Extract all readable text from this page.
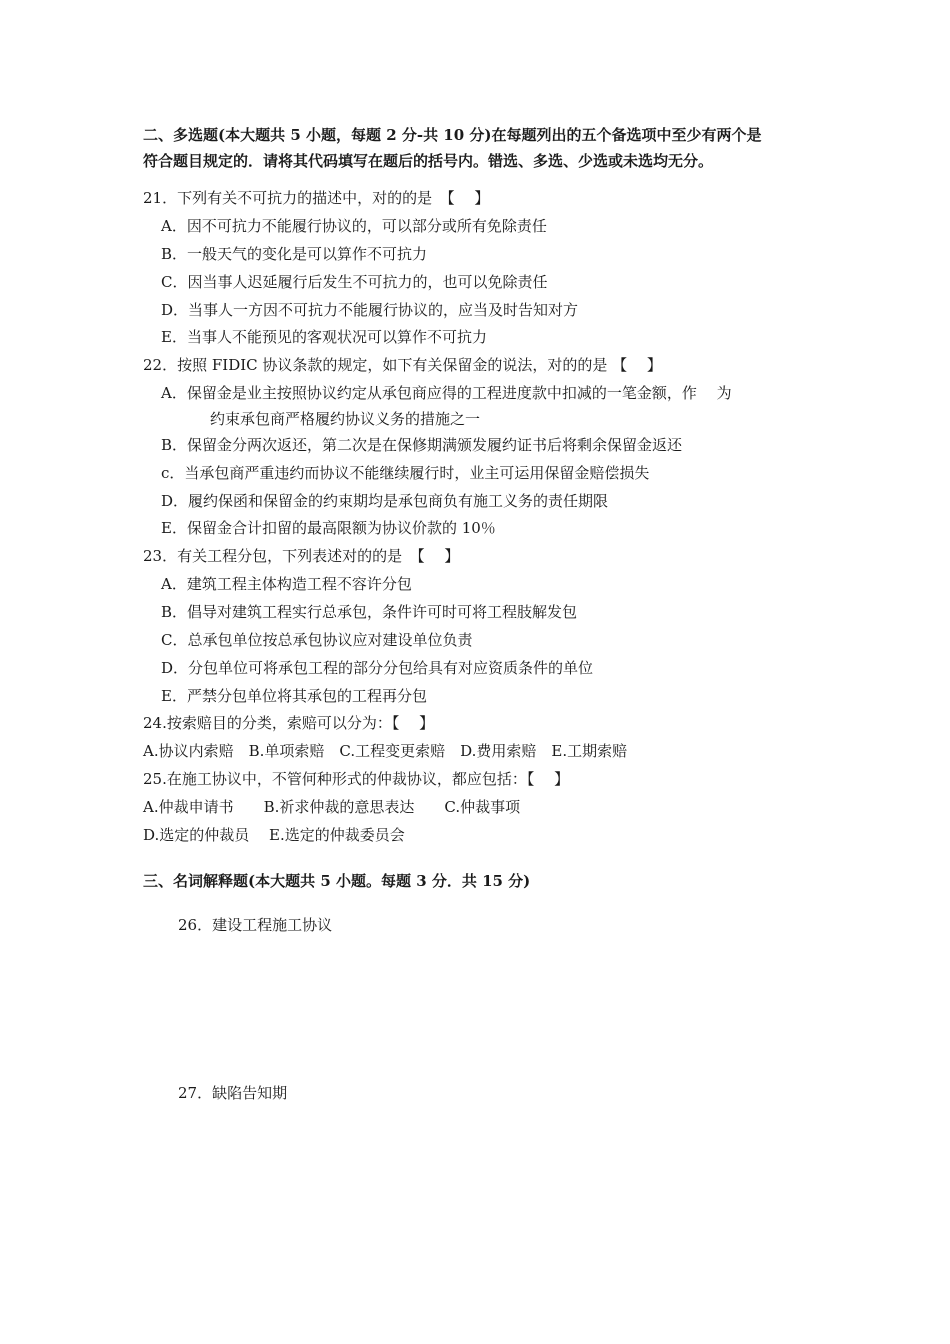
二、多选题(本大题共 5 小题，每题 2 分-共 10 分)在每题列出的五个备选项中至少有两个是
符合题目规定的．请将其代码填写在题后的括号内。错选、多选、少选或未选均无分。
21．下列有关不可抗力的描述中，对的的是　【　 】
A．因不可抗力不能履行协议的，可以部分或所有免除责任
B．一般天气的变化是可以算作不可抗力
C．因当事人迟延履行后发生不可抗力的，也可以免除责任
D．当事人一方因不可抗力不能履行协议的，应当及时告知对方
E．当事人不能预见的客观状况可以算作不可抗力
22．按照 FIDIC 协议条款的规定，如下有关保留金的说法，对的的是 【　 】
A．保留金是业主按照协议约定从承包商应得的工程进度款中扣减的一笔金额，作　 为
约束承包商严格履约协议义务的措施之一
B．保留金分两次返还，第二次是在保修期满颁发履约证书后将剩余保留金返还
c．当承包商严重违约而协议不能继续履行时，业主可运用保留金赔偿损失
D．履约保函和保留金的约束期均是承包商负有施工义务的责任期限
E．保留金合计扣留的最高限额为协议价款的 10％
23．有关工程分包，下列表述对的的是　【　 】
A．建筑工程主体构造工程不容许分包
B．倡导对建筑工程实行总承包，条件许可时可将工程肢解发包
C．总承包单位按总承包协议应对建设单位负责
D．分包单位可将承包工程的部分分包给具有对应资质条件的单位
E．严禁分包单位将其承包的工程再分包
24.按索赔目的分类，索赔可以分为：【　 】
A.协议内索赔　B.单项索赔　C.工程变更索赔　D.费用索赔　E.工期索赔
25.在施工协议中，不管何种形式的仲裁协议，都应包括：【　 】
A.仲裁申请书　　B.祈求仲裁的意思表达　　C.仲裁事项
D.选定的仲裁员　 E.选定的仲裁委员会
三、名词解释题(本大题共 5 小题。每题 3 分．共 15 分)
26．建设工程施工协议
27．缺陷告知期
